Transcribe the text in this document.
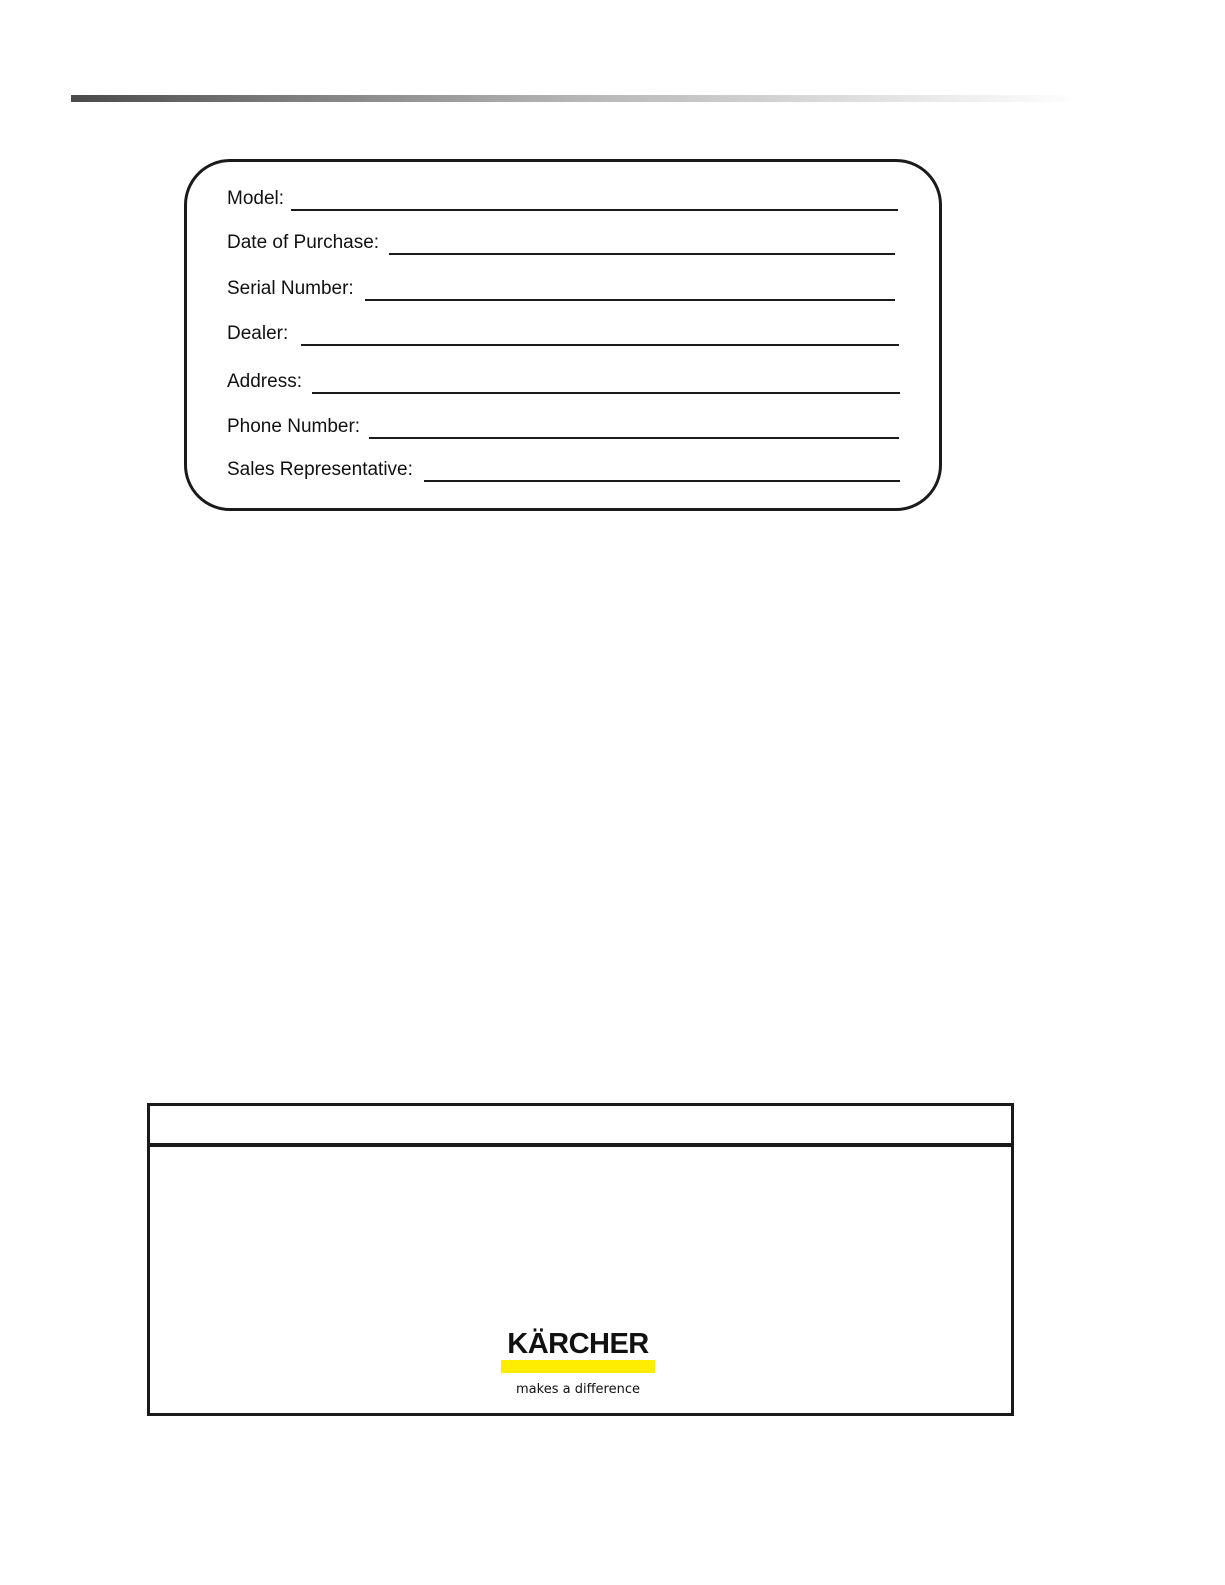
Model:
Date of Purchase:
Serial Number:
Dealer:
Address:
Phone Number:
Sales Representative:
KÄRCHER
makes a difference
